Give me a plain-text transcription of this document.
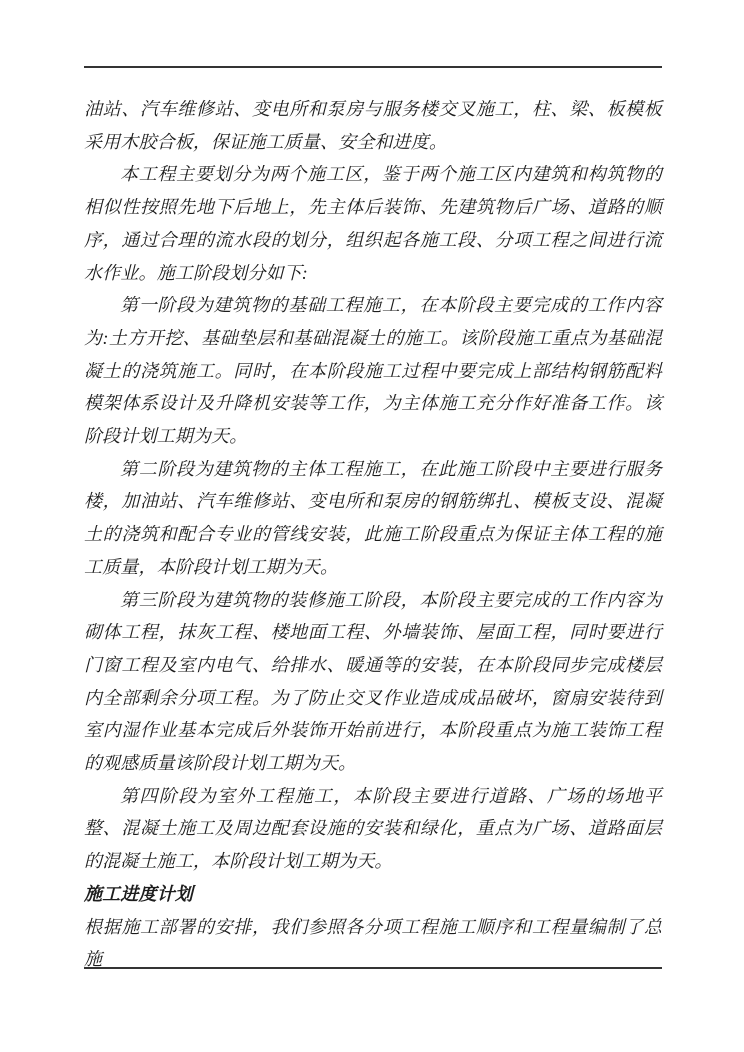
油站、汽车维修站、变电所和泵房与服务楼交叉施工，柱、梁、板模板采用木胶合板，保证施工质量、安全和进度。

本工程主要划分为两个施工区，鉴于两个施工区内建筑和构筑物的相似性按照先地下后地上，先主体后装饰、先建筑物后广场、道路的顺序，通过合理的流水段的划分，组织起各施工段、分项工程之间进行流水作业。施工阶段划分如下:

第一阶段为建筑物的基础工程施工，在本阶段主要完成的工作内容为:土方开挖、基础垫层和基础混凝土的施工。该阶段施工重点为基础混凝土的浇筑施工。同时，在本阶段施工过程中要完成上部结构钢筋配料模架体系设计及升降机安装等工作，为主体施工充分作好准备工作。该阶段计划工期为天。

第二阶段为建筑物的主体工程施工，在此施工阶段中主要进行服务楼，加油站、汽车维修站、变电所和泵房的钢筋绑扎、模板支设、混凝土的浇筑和配合专业的管线安装，此施工阶段重点为保证主体工程的施工质量，本阶段计划工期为天。

第三阶段为建筑物的装修施工阶段，本阶段主要完成的工作内容为砌体工程，抹灰工程、楼地面工程、外墙装饰、屋面工程，同时要进行门窗工程及室内电气、给排水、暖通等的安装，在本阶段同步完成楼层内全部剩余分项工程。为了防止交叉作业造成成品破坏，窗扇安装待到室内湿作业基本完成后外装饰开始前进行，本阶段重点为施工装饰工程的观感质量该阶段计划工期为天。

第四阶段为室外工程施工，本阶段主要进行道路、广场的场地平整、混凝土施工及周边配套设施的安装和绿化，重点为广场、道路面层的混凝土施工，本阶段计划工期为天。

施工进度计划

根据施工部署的安排，我们参照各分项工程施工顺序和工程量编制了总施
